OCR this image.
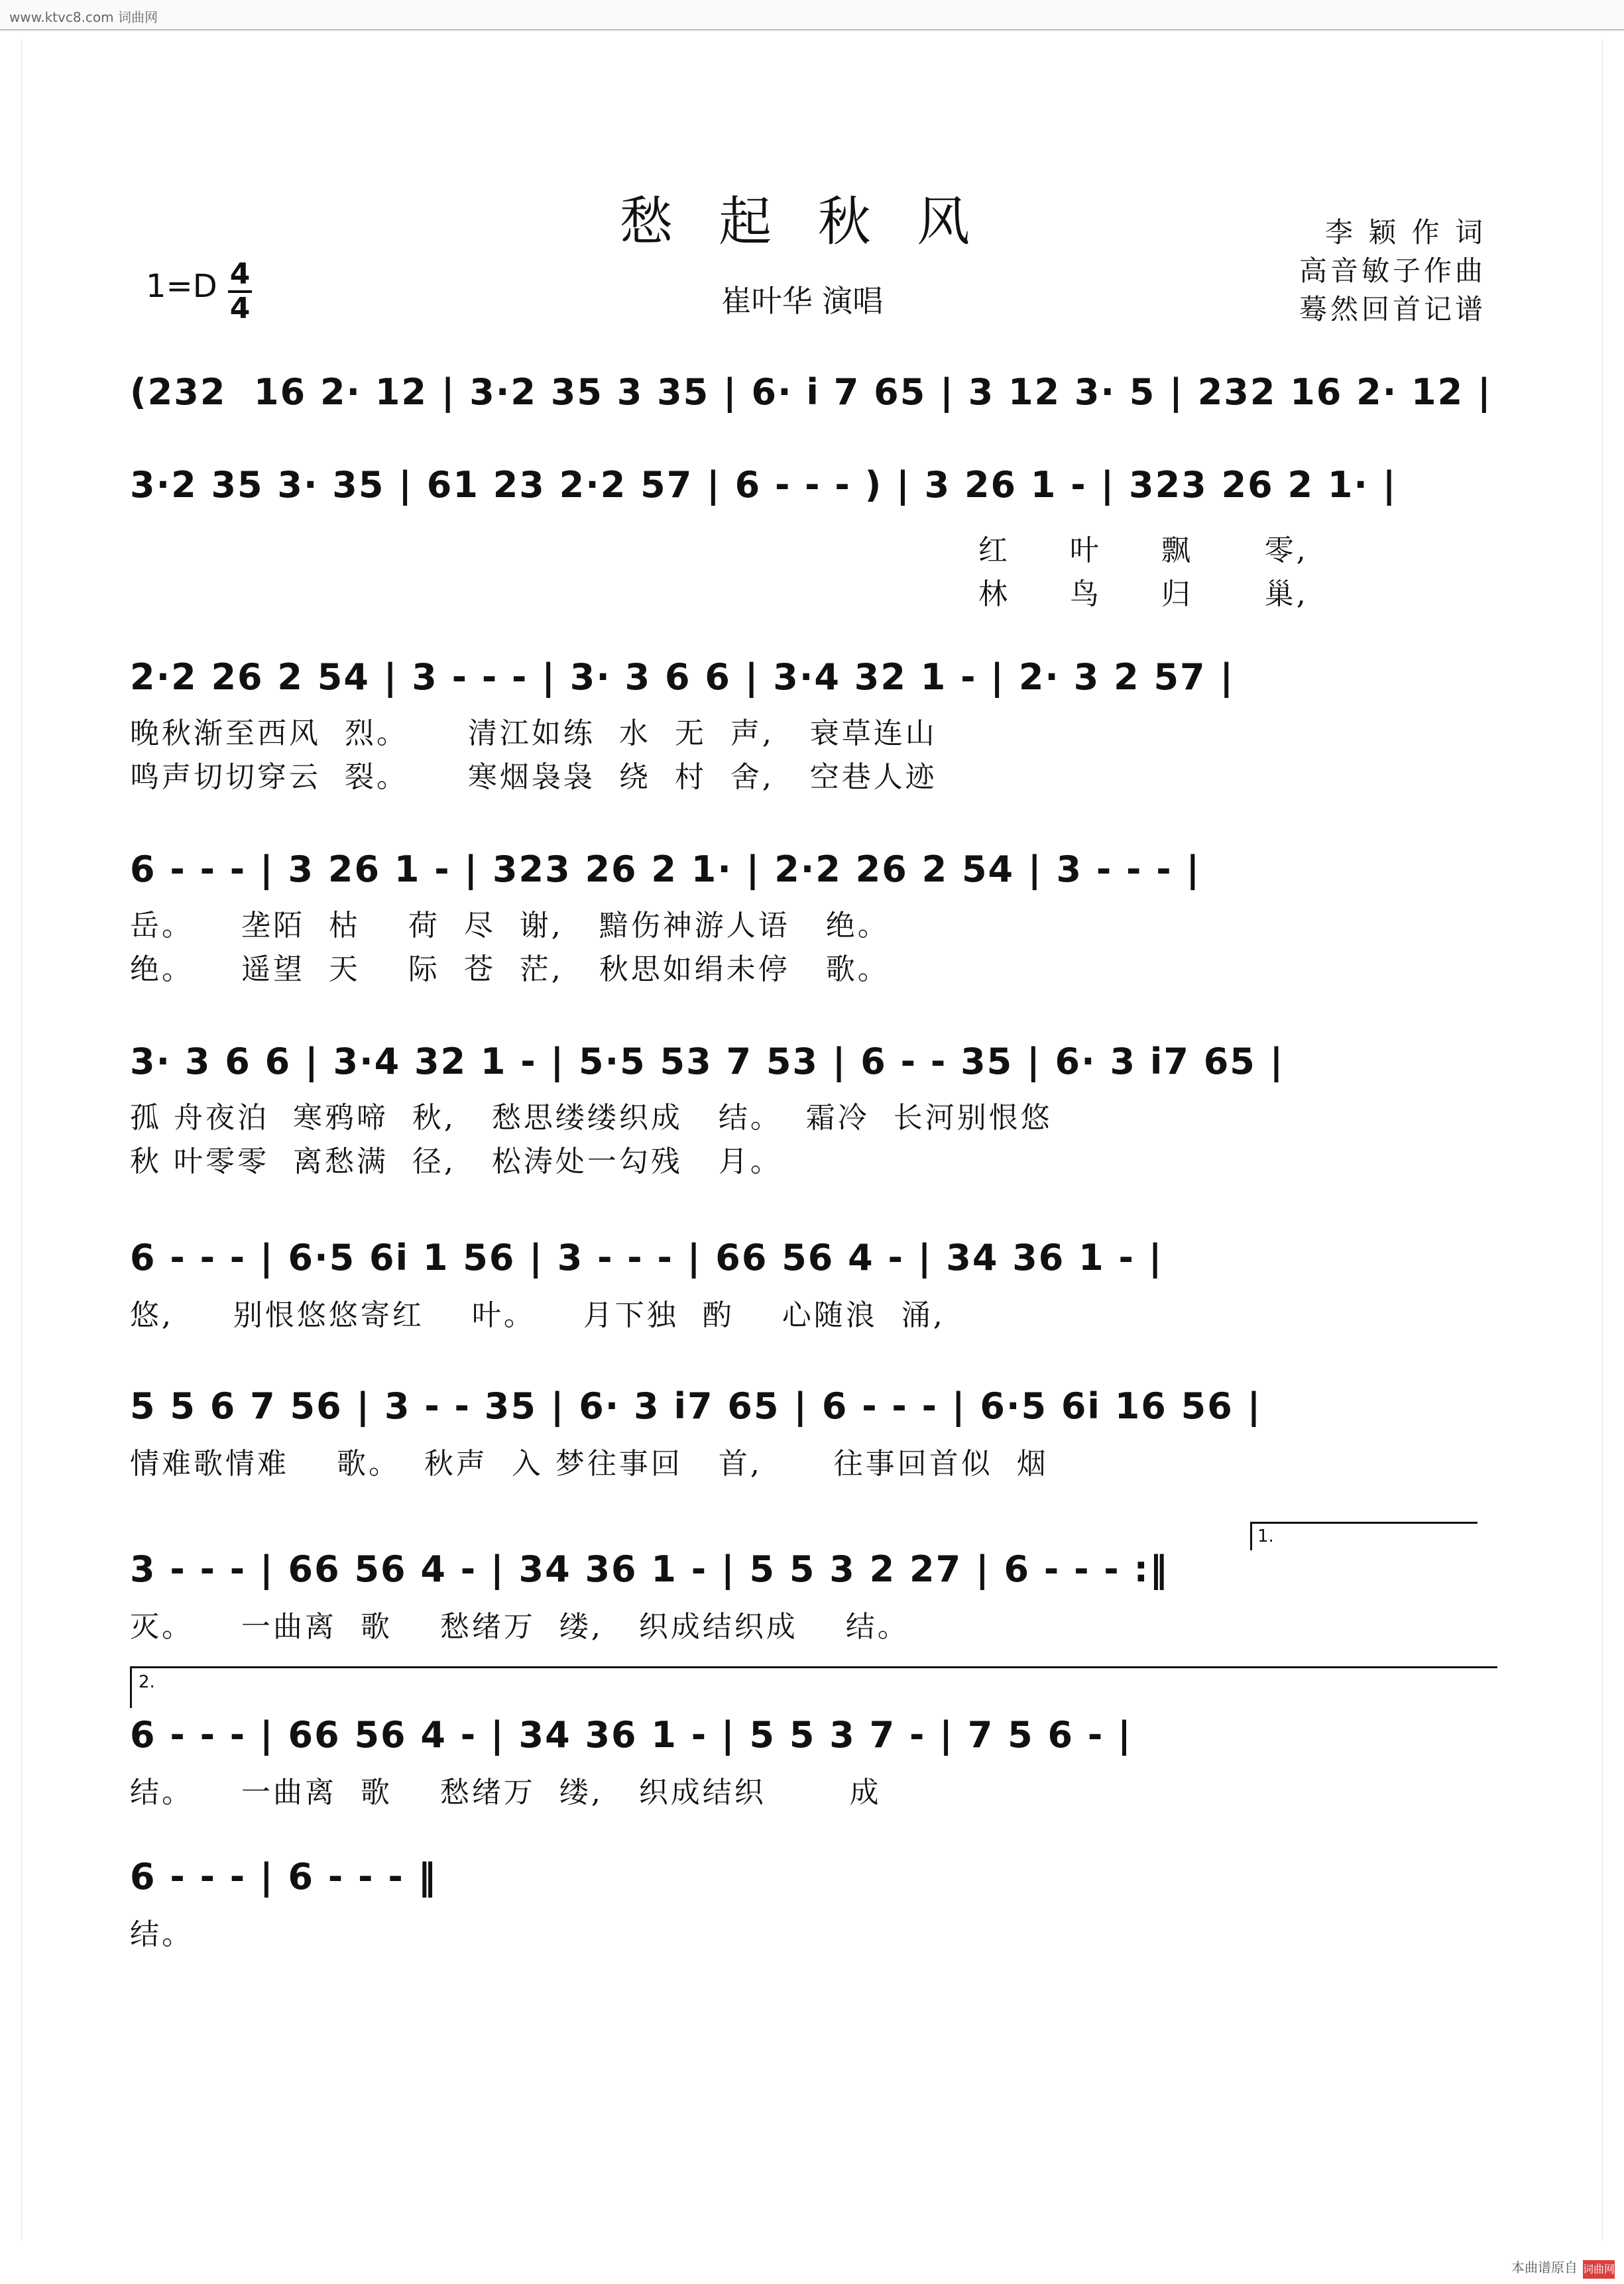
www.ktvc8.com 词曲网
愁 起 秋 风
崔叶华 演唱
李 颖 作 词
高音敏子作曲
蓦然回首记谱
1=D 4
4
(232  16 2· 12 | 3·2 35 3 35 | 6· i 7 65 | 3 12 3· 5 | 232 16 2· 12 |
3·2 35 3· 35 | 61 23 2·2 57 | 6 - - - ) | 3 26 1 - | 323 26 2 1· |
红     叶     飘      零,
林     鸟     归      巢,
2·2 26 2 54 | 3 - - - | 3· 3 6 6 | 3·4 32 1 - | 2· 3 2 57 |
晚秋渐至西风  烈。     清江如练  水  无  声,   衰草连山
鸣声切切穿云  裂。     寒烟袅袅  绕  村  舍,   空巷人迹
6 - - - | 3 26 1 - | 323 26 2 1· | 2·2 26 2 54 | 3 - - - |
岳。    垄陌  枯    荷  尽  谢,   黯伤神游人语   绝。
绝。    遥望  天    际  苍  茫,   秋思如绢未停   歌。
3· 3 6 6 | 3·4 32 1 - | 5·5 53 7 53 | 6 - - 35 | 6· 3 i7 65 |
孤 舟夜泊  寒鸦啼  秋,   愁思缕缕织成   结。  霜冷  长河别恨悠
秋 叶零零  离愁满  径,   松涛处一勾残   月。
6 - - - | 6·5 6i 1 56 | 3 - - - | 66 56 4 - | 34 36 1 - |
悠,     别恨悠悠寄红    叶。    月下独  酌    心随浪  涌,
5 5 6 7 56 | 3 - - 35 | 6· 3 i7 65 | 6 - - - | 6·5 6i 16 56 |
情难歌情难    歌。  秋声  入 梦往事回   首,      往事回首似  烟
1.
3 - - - | 66 56 4 - | 34 36 1 - | 5 5 3 2 27 | 6 - - - :‖
灭。    一曲离  歌    愁绪万  缕,   织成结织成    结。
2.
6 - - - | 66 56 4 - | 34 36 1 - | 5 5 3 7 - | 7 5 6 - |
结。    一曲离  歌    愁绪万  缕,   织成结织       成
6 - - - | 6 - - - ‖
结。
本曲谱原自 词曲网
